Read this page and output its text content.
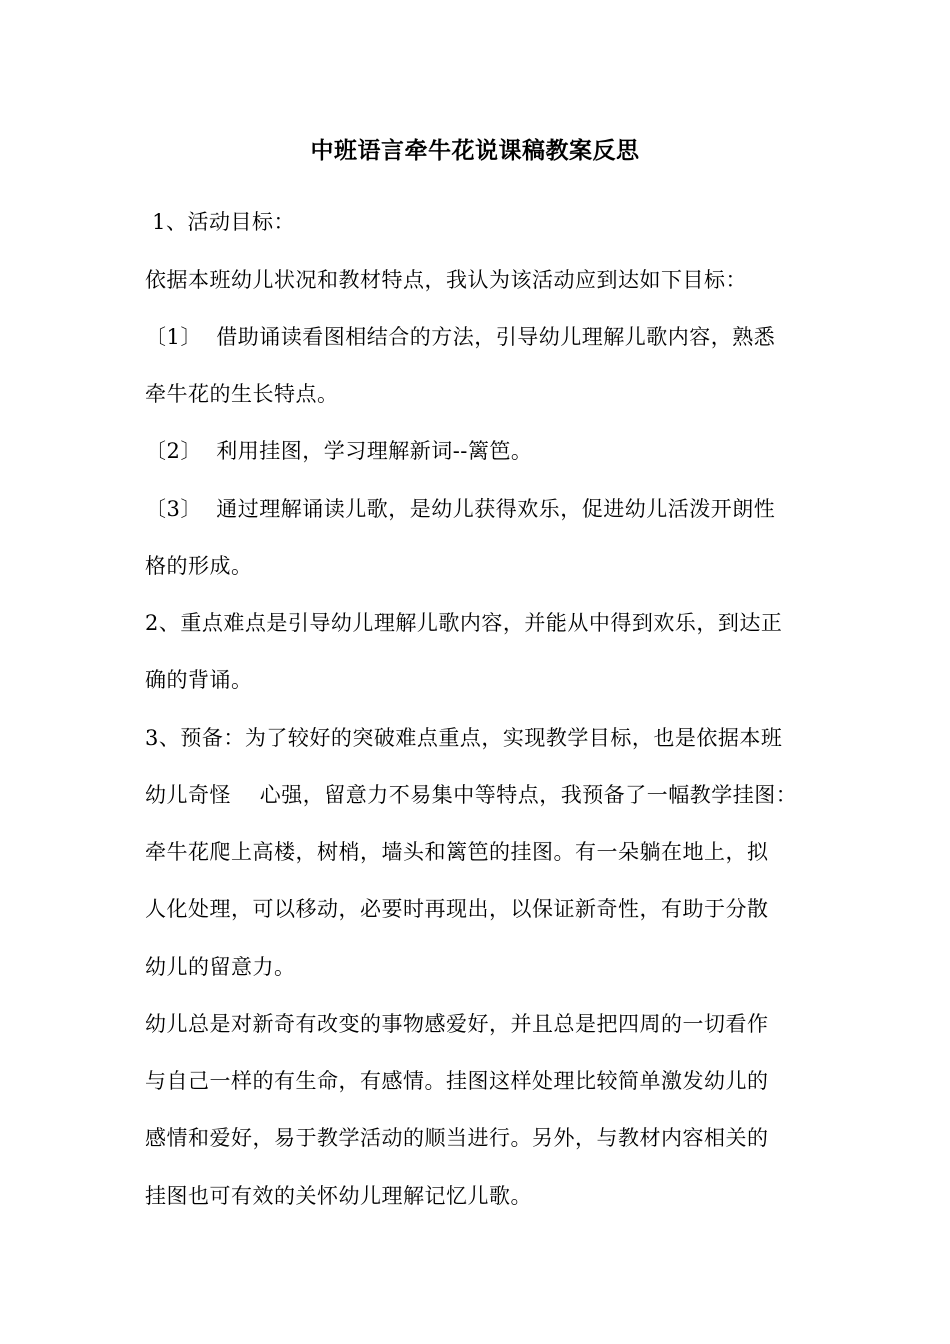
中班语言牵牛花说课稿教案反思
1、活动目标：
依据本班幼儿状况和教材特点，我认为该活动应到达如下目标：
〔1〕  借助诵读看图相结合的方法，引导幼儿理解儿歌内容，熟悉
牵牛花的生长特点。
〔2〕  利用挂图，学习理解新词--篱笆。
〔3〕  通过理解诵读儿歌，是幼儿获得欢乐，促进幼儿活泼开朗性
格的形成。
2、重点难点是引导幼儿理解儿歌内容，并能从中得到欢乐，到达正
确的背诵。
3、预备：为了较好的突破难点重点，实现教学目标，也是依据本班
幼儿奇怪    心强，留意力不易集中等特点，我预备了一幅教学挂图：
牵牛花爬上高楼，树梢，墙头和篱笆的挂图。有一朵躺在地上，拟
人化处理，可以移动，必要时再现出，以保证新奇性，有助于分散
幼儿的留意力。
幼儿总是对新奇有改变的事物感爱好，并且总是把四周的一切看作
与自己一样的有生命，有感情。挂图这样处理比较简单激发幼儿的
感情和爱好，易于教学活动的顺当进行。另外，与教材内容相关的
挂图也可有效的关怀幼儿理解记忆儿歌。
